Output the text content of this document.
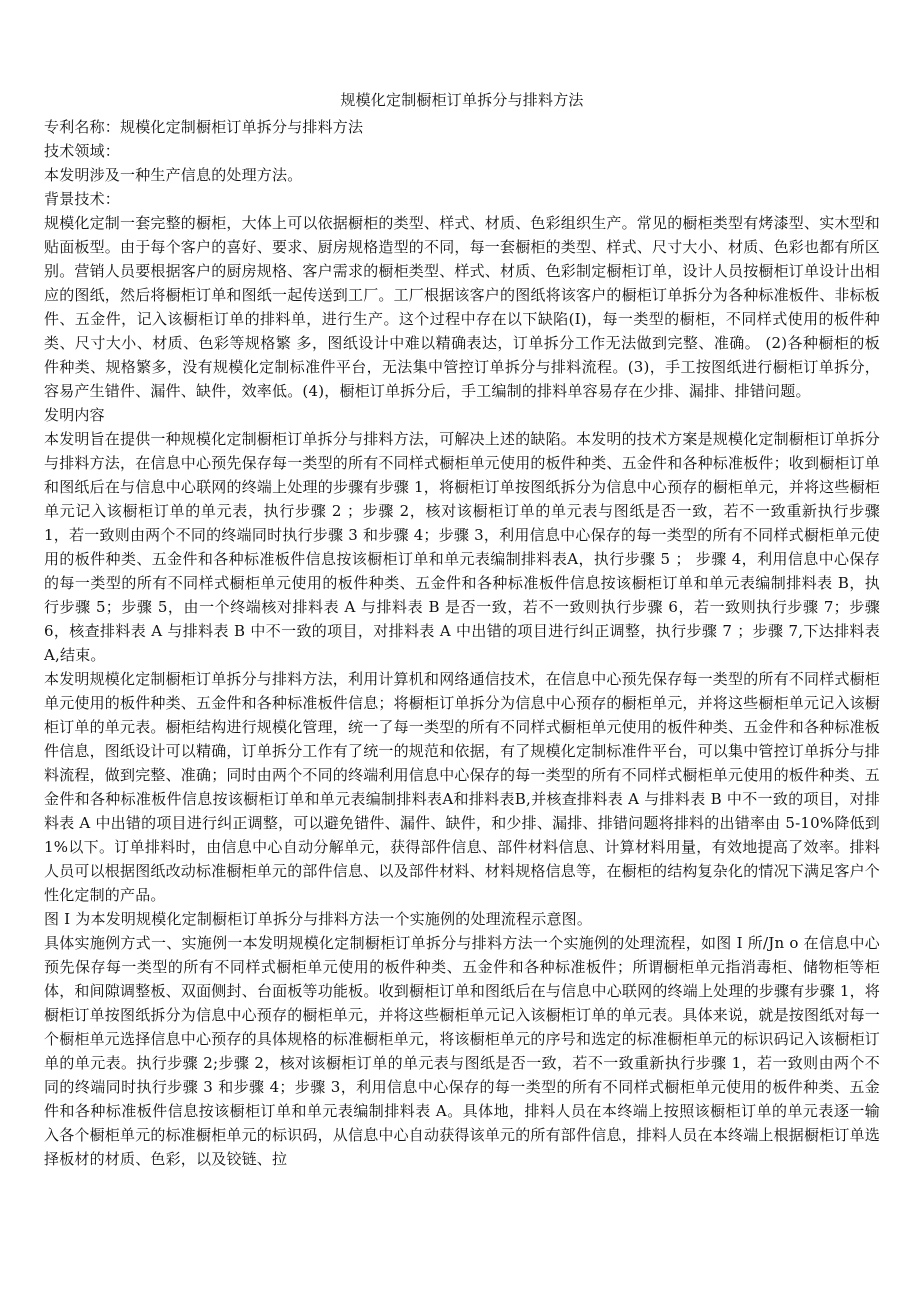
规模化定制橱柜订单拆分与排料方法

专利名称：规模化定制橱柜订单拆分与排料方法

技术领域：

本发明涉及一种生产信息的处理方法。

背景技术：

规模化定制一套完整的橱柜，大体上可以依据橱柜的类型、样式、材质、色彩组织生产。常见的橱柜类型有烤漆型、实木型和贴面板型。由于每个客户的喜好、要求、厨房规格造型的不同，每一套橱柜的类型、样式、尺寸大小、材质、色彩也都有所区别。营销人员要根据客户的厨房规格、客户需求的橱柜类型、样式、材质、色彩制定橱柜订单，设计人员按橱柜订单设计出相应的图纸，然后将橱柜订单和图纸一起传送到工厂。工厂根据该客户的图纸将该客户的橱柜订单拆分为各种标准板件、非标板件、五金件，记入该橱柜订单的排料单，进行生产。这个过程中存在以下缺陷(I)，每一类型的橱柜，不同样式使用的板件种类、尺寸大小、材质、色彩等规格繁 多，图纸设计中难以精确表达，订单拆分工作无法做到完整、准确。 (2)各种橱柜的板件种类、规格繁多，没有规模化定制标准件平台，无法集中管控订单拆分与排料流程。(3)，手工按图纸进行橱柜订单拆分，容易产生错件、漏件、缺件，效率低。(4)，橱柜订单拆分后，手工编制的排料单容易存在少排、漏排、排错问题。

发明内容

本发明旨在提供一种规模化定制橱柜订单拆分与排料方法，可解决上述的缺陷。本发明的技术方案是规模化定制橱柜订单拆分与排料方法，在信息中心预先保存每一类型的所有不同样式橱柜单元使用的板件种类、五金件和各种标准板件；收到橱柜订单和图纸后在与信息中心联网的终端上处理的步骤有步骤 1，将橱柜订单按图纸拆分为信息中心预存的橱柜单元，并将这些橱柜单元记入该橱柜订单的单元表，执行步骤 2 ；步骤 2，核对该橱柜订单的单元表与图纸是否一致，若不一致重新执行步骤 1，若一致则由两个不同的终端同时执行步骤 3 和步骤 4；步骤 3，利用信息中心保存的每一类型的所有不同样式橱柜单元使用的板件种类、五金件和各种标准板件信息按该橱柜订单和单元表编制排料表A，执行步骤 5 ； 步骤 4，利用信息中心保存的每一类型的所有不同样式橱柜单元使用的板件种类、五金件和各种标准板件信息按该橱柜订单和单元表编制排料表 B，执行步骤 5；步骤 5，由一个终端核对排料表 A 与排料表 B 是否一致，若不一致则执行步骤 6，若一致则执行步骤 7；步骤 6，核查排料表 A 与排料表 B 中不一致的项目，对排料表 A 中出错的项目进行纠正调整，执行步骤 7 ；步骤 7,下达排料表 A,结束。

本发明规模化定制橱柜订单拆分与排料方法，利用计算机和网络通信技术，在信息中心预先保存每一类型的所有不同样式橱柜单元使用的板件种类、五金件和各种标准板件信息；将橱柜订单拆分为信息中心预存的橱柜单元，并将这些橱柜单元记入该橱柜订单的单元表。橱柜结构进行规模化管理，统一了每一类型的所有不同样式橱柜单元使用的板件种类、五金件和各种标准板件信息，图纸设计可以精确，订单拆分工作有了统一的规范和依据，有了规模化定制标准件平台，可以集中管控订单拆分与排料流程，做到完整、准确；同时由两个不同的终端利用信息中心保存的每一类型的所有不同样式橱柜单元使用的板件种类、五金件和各种标准板件信息按该橱柜订单和单元表编制排料表A和排料表B,并核查排料表 A 与排料表 B 中不一致的项目，对排料表 A 中出错的项目进行纠正调整，可以避免错件、漏件、缺件，和少排、漏排、排错问题将排料的出错率由 5-10%降低到 1%以下。订单排料时，由信息中心自动分解单元，获得部件信息、部件材料信息、计算材料用量，有效地提高了效率。排料人员可以根据图纸改动标准橱柜单元的部件信息、以及部件材料、材料规格信息等，在橱柜的结构复杂化的情况下满足客户个性化定制的产品。

图 I 为本发明规模化定制橱柜订单拆分与排料方法一个实施例的处理流程示意图。

具体实施例方式一、实施例一本发明规模化定制橱柜订单拆分与排料方法一个实施例的处理流程，如图 I 所/Jn o 在信息中心预先保存每一类型的所有不同样式橱柜单元使用的板件种类、五金件和各种标准板件；所谓橱柜单元指消毒柜、储物柜等柜体，和间隙调整板、双面侧封、台面板等功能板。收到橱柜订单和图纸后在与信息中心联网的终端上处理的步骤有步骤 1，将橱柜订单按图纸拆分为信息中心预存的橱柜单元，并将这些橱柜单元记入该橱柜订单的单元表。具体来说，就是按图纸对每一个橱柜单元选择信息中心预存的具体规格的标准橱柜单元，将该橱柜单元的序号和选定的标准橱柜单元的标识码记入该橱柜订单的单元表。执行步骤 2;步骤 2，核对该橱柜订单的单元表与图纸是否一致，若不一致重新执行步骤 1，若一致则由两个不同的终端同时执行步骤 3 和步骤 4；步骤 3，利用信息中心保存的每一类型的所有不同样式橱柜单元使用的板件种类、五金件和各种标准板件信息按该橱柜订单和单元表编制排料表 A。具体地，排料人员在本终端上按照该橱柜订单的单元表逐一输入各个橱柜单元的标准橱柜单元的标识码，从信息中心自动获得该单元的所有部件信息，排料人员在本终端上根据橱柜订单选择板材的材质、色彩，以及铰链、拉
